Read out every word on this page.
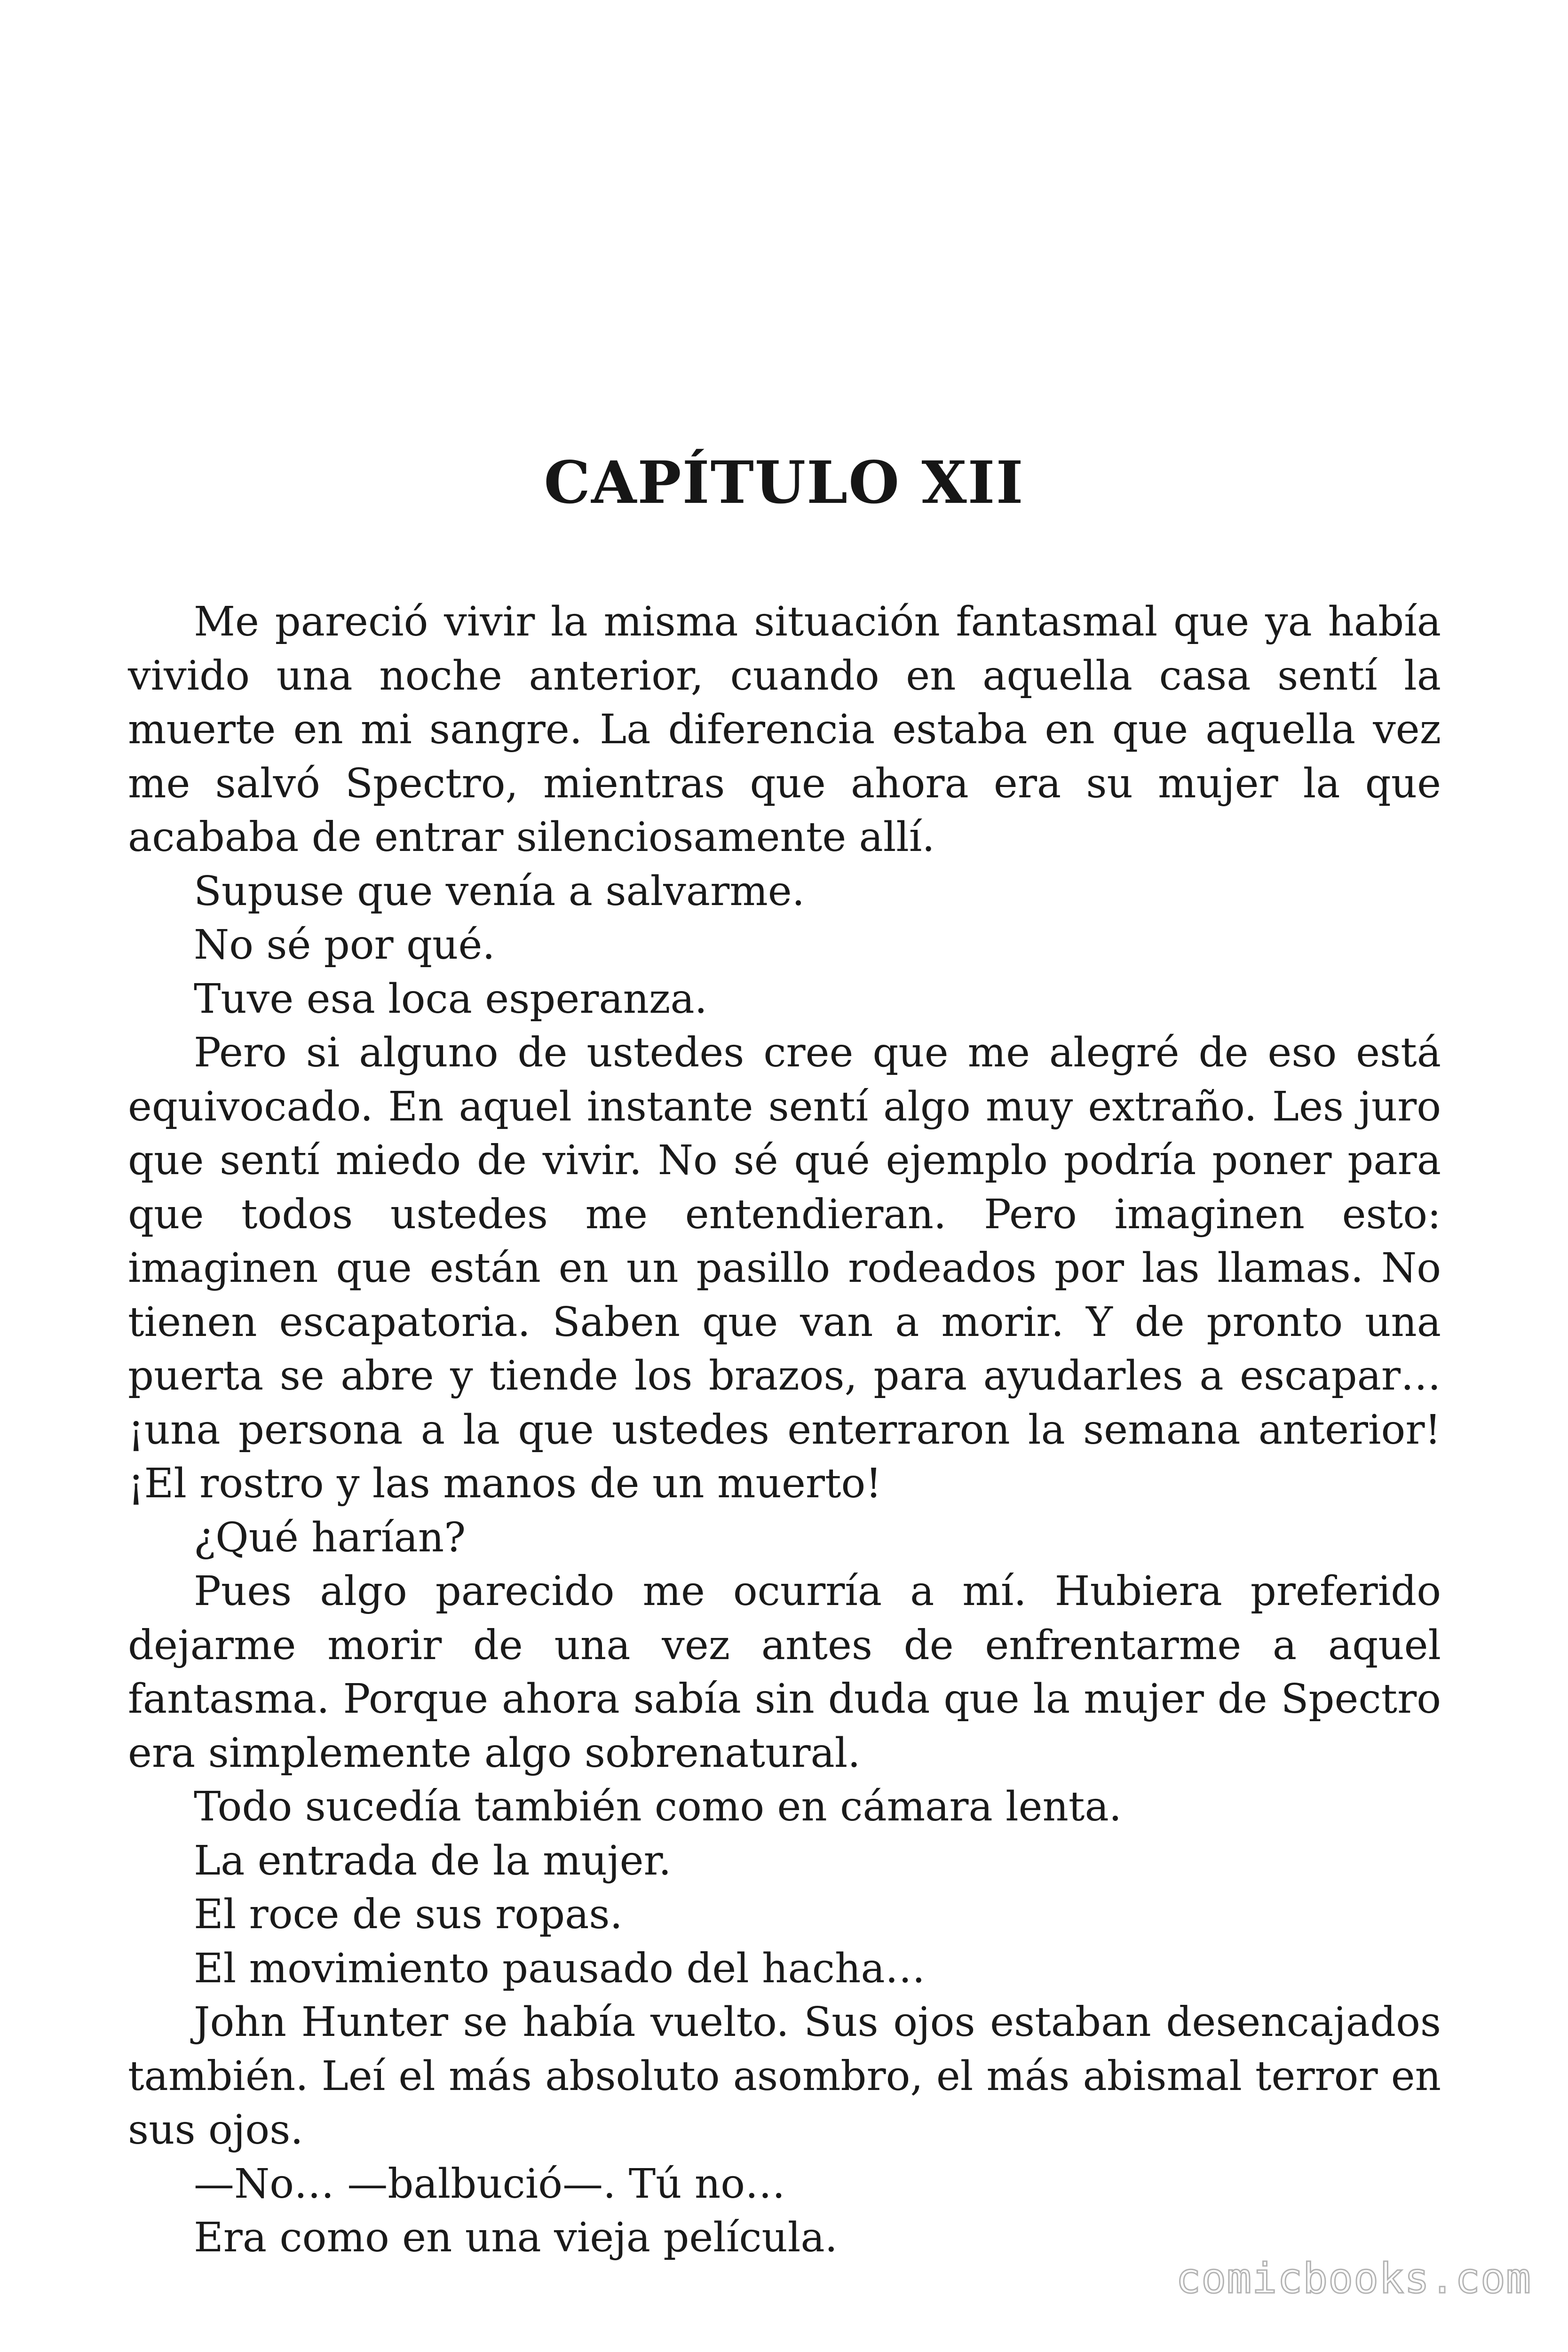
CAPÍTULO XII

Me pareció vivir la misma situación fantasmal que ya había vivido una noche anterior, cuando en aquella casa sentí la muerte en mi sangre. La diferencia estaba en que aquella vez me salvó Spectro, mientras que ahora era su mujer la que acababa de entrar silenciosamente allí.

Supuse que venía a salvarme.

No sé por qué.

Tuve esa loca esperanza.

Pero si alguno de ustedes cree que me alegré de eso está equivocado. En aquel instante sentí algo muy extraño. Les juro que sentí miedo de vivir. No sé qué ejemplo podría poner para que todos ustedes me entendieran. Pero imaginen esto: imaginen que están en un pasillo rodeados por las llamas. No tienen escapatoria. Saben que van a morir. Y de pronto una puerta se abre y tiende los brazos, para ayudarles a escapar… ¡una persona a la que ustedes enterraron la semana anterior! ¡El rostro y las manos de un muerto!

¿Qué harían?

Pues algo parecido me ocurría a mí. Hubiera preferido dejarme morir de una vez antes de enfrentarme a aquel fantasma. Porque ahora sabía sin duda que la mujer de Spectro era simplemente algo sobrenatural.

Todo sucedía también como en cámara lenta.

La entrada de la mujer.

El roce de sus ropas.

El movimiento pausado del hacha…

John Hunter se había vuelto. Sus ojos estaban desencajados también. Leí el más absoluto asombro, el más abismal terror en sus ojos.

—No… —balbució—. Tú no…

Era como en una vieja película.

comicbooks.com
